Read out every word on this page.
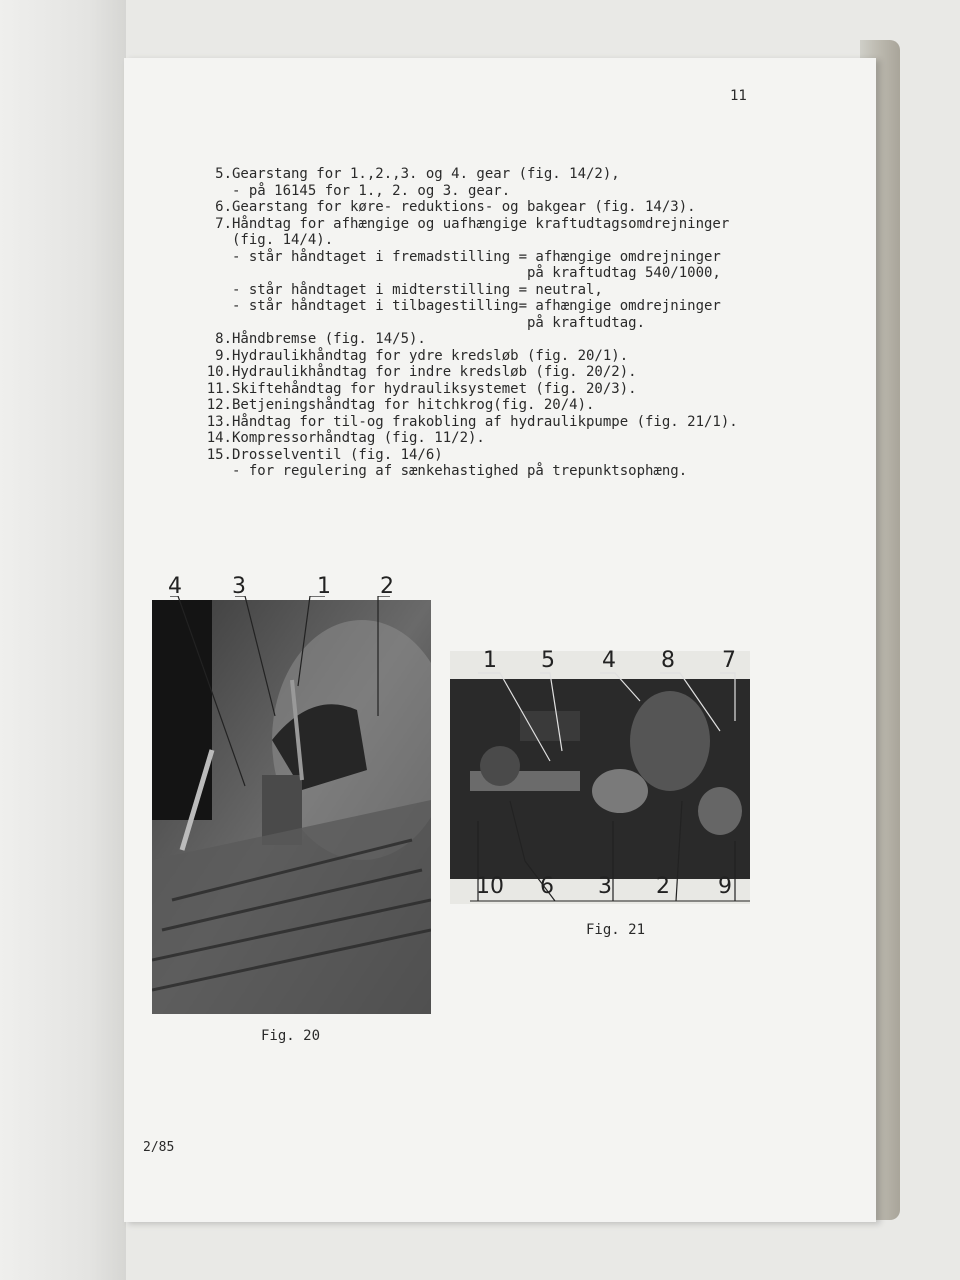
11
5. Gearstang for 1.,2.,3. og 4. gear (fig. 14/2),
- på 16145 for 1., 2. og 3. gear.
6. Gearstang for køre- reduktions- og bakgear (fig. 14/3).
7. Håndtag for afhængige og uafhængige kraftudtagsomdrejninger
(fig. 14/4).
- står håndtaget i fremadstilling = afhængige omdrejninger
på kraftudtag 540/1000,
- står håndtaget i midterstilling = neutral,
- står håndtaget i tilbagestilling= afhængige omdrejninger
på kraftudtag.
8. Håndbremse (fig. 14/5).
9. Hydraulikhåndtag for ydre kredsløb (fig. 20/1).
10. Hydraulikhåndtag for indre kredsløb (fig. 20/2).
11. Skiftehåndtag for hydrauliksystemet (fig. 20/3).
12. Betjeningshåndtag for hitchkrog(fig. 20/4).
13. Håndtag for til-og frakobling af hydraulikpumpe (fig. 21/1).
14. Kompressorhåndtag (fig. 11/2).
15. Drosselventil (fig. 14/6)
- for regulering af sænkehastighed på trepunktsophæng.
4 3	1 2
Fig. 20
1 5 4 8 7
10 6 3 2 9
Fig. 21
2/85
